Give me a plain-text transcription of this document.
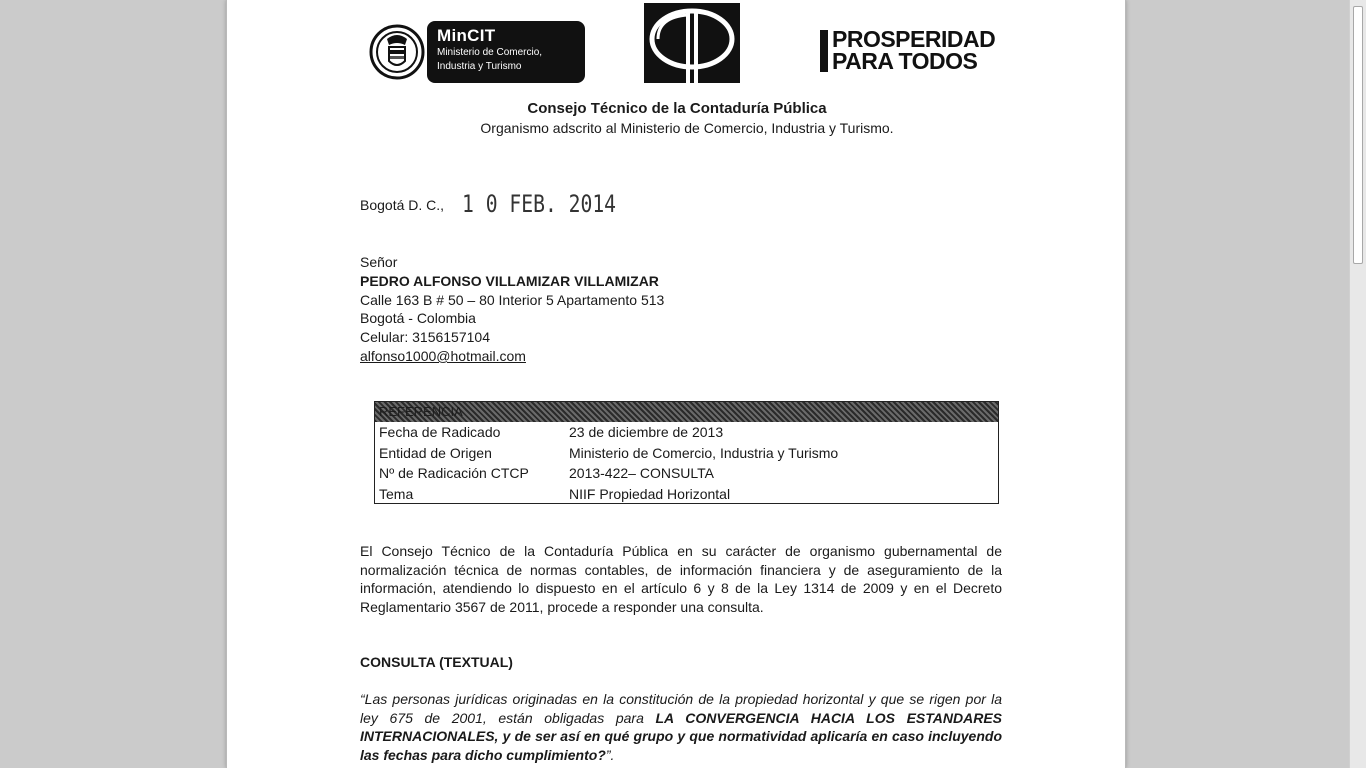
MinCIT
Ministerio de Comercio,
Industria y Turismo
PROSPERIDAD
PARA TODOS
Consejo Técnico de la Contaduría Pública
Organismo adscrito al Ministerio de Comercio, Industria y Turismo.
Bogotá D. C., 1 0 FEB. 2014
Señor
PEDRO ALFONSO VILLAMIZAR VILLAMIZAR
Calle 163 B # 50 – 80 Interior 5 Apartamento 513
Bogotá - Colombia
Celular: 3156157104
alfonso1000@hotmail.com
REFERENCIA
Fecha de Radicado	23 de diciembre de 2013
Entidad de Origen	Ministerio de Comercio, Industria y Turismo
Nº de Radicación CTCP	2013-422– CONSULTA
Tema	NIIF Propiedad Horizontal
El Consejo Técnico de la Contaduría Pública en su carácter de organismo gubernamental de normalización técnica de normas contables, de información financiera y de aseguramiento de la información, atendiendo lo dispuesto en el artículo 6 y 8 de la Ley 1314 de 2009 y en el Decreto Reglamentario 3567 de 2011, procede a responder una consulta.
CONSULTA (TEXTUAL)
“Las personas jurídicas originadas en la constitución de la propiedad horizontal y que se rigen por la ley 675 de 2001, están obligadas para LA CONVERGENCIA HACIA LOS ESTANDARES INTERNACIONALES, y de ser así en qué grupo y que normatividad aplicaría en caso incluyendo las fechas para dicho cumplimiento?”.
